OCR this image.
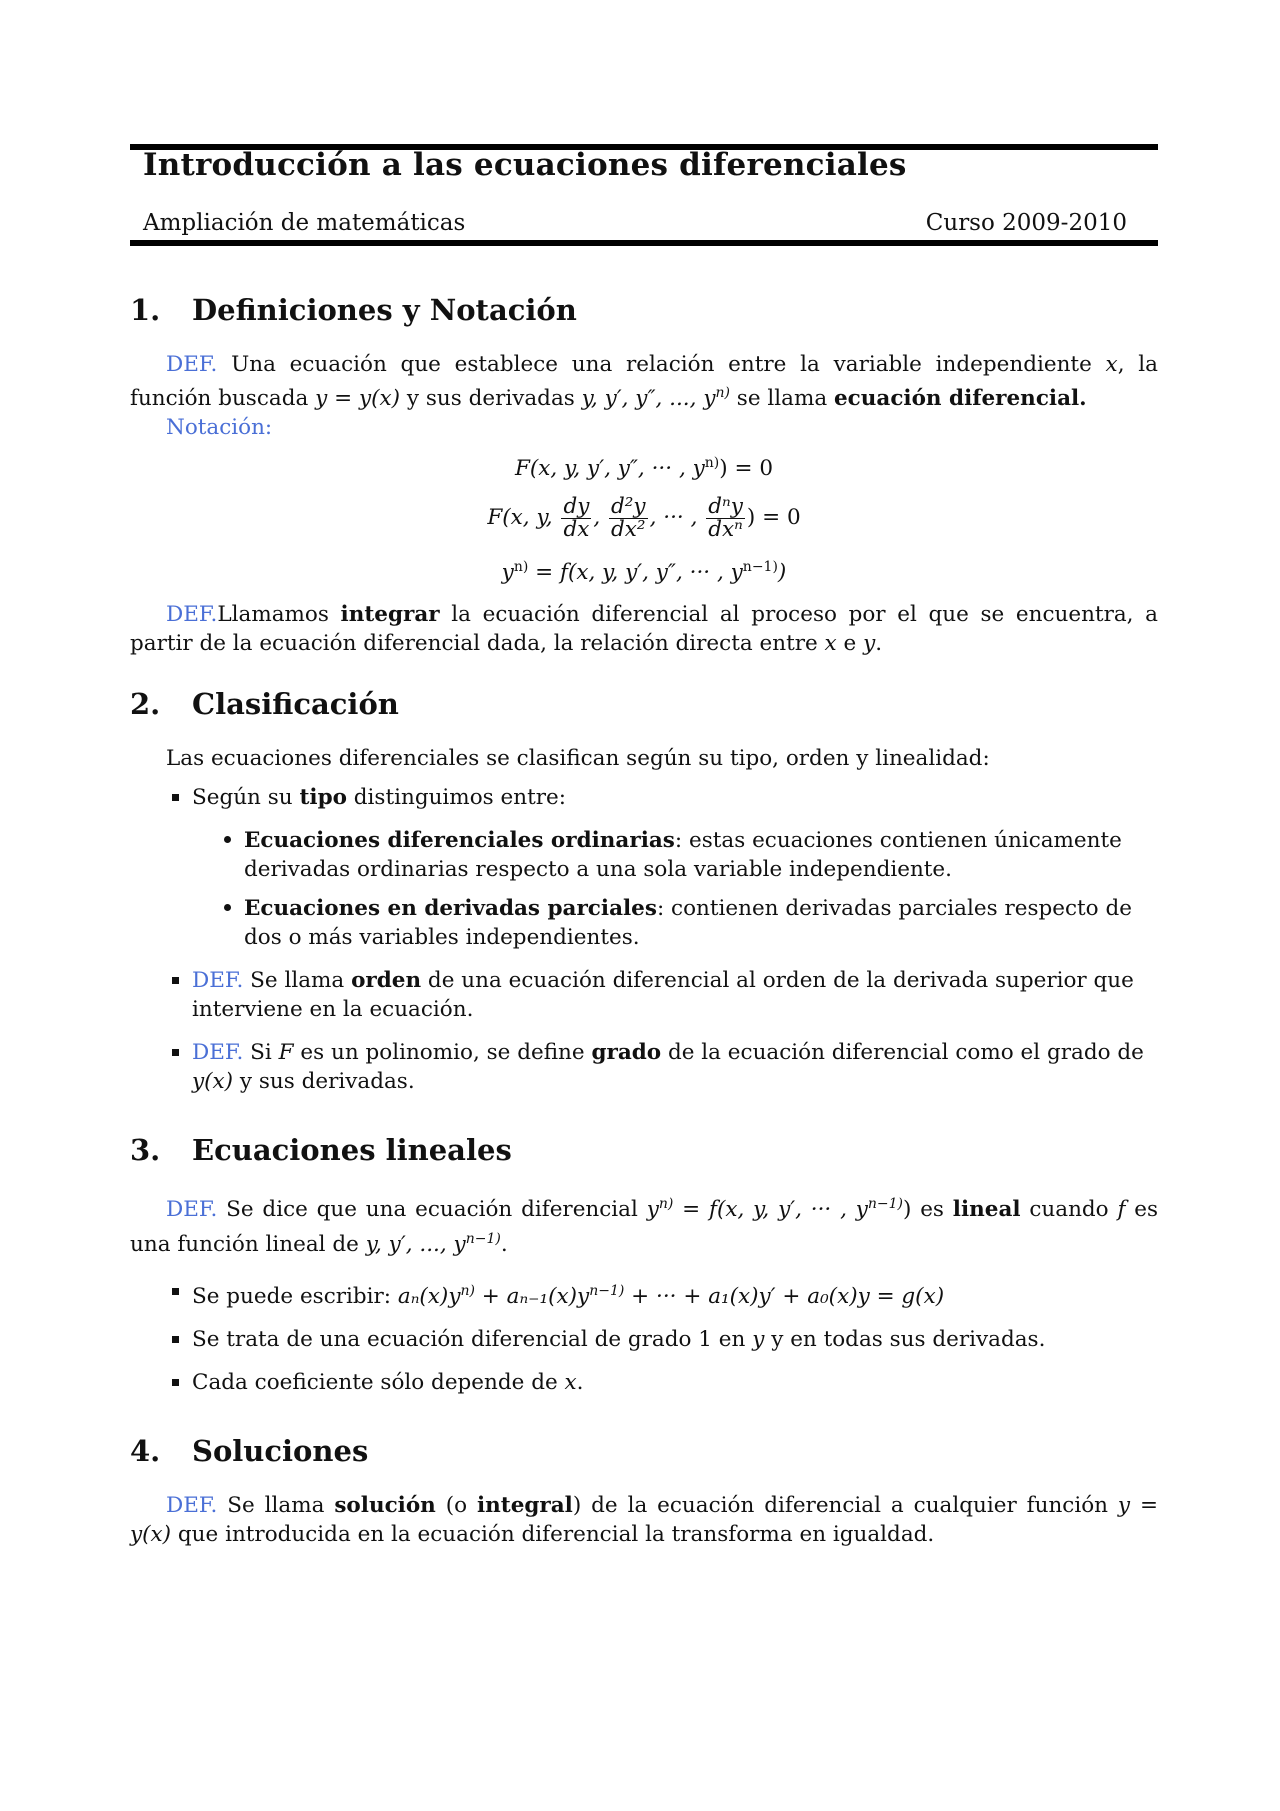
Introducción a las ecuaciones diferenciales
Ampliación de matemáticas	Curso 2009-2010
1.	Definiciones y Notación

DEF. Una ecuación que establece una relación entre la variable independiente x, la función buscada y = y(x) y sus derivadas y, y′, y″, ..., $y^{n)}$ se llama ecuación diferencial.

Notación:
F(x, y, y′, y″, ··· , $y^{n)}) = 0$
F(x, y, $\frac{dy}{dx}$ , $\frac{\text{d²y}}{\text{dx²}}$ , ··· , $\frac{\text{dⁿy}}{\text{dxⁿ}}$ ) = 0
$y^{n)} = f(x$, y, y′, y″, ··· , $y^{n-1)}$)

DEF.Llamamos integrar la ecuación diferencial al proceso por el que se encuentra, a partir de la ecuación diferencial dada, la relación directa entre x e y.

2.	Clasificación

Las ecuaciones diferenciales se clasifican según su tipo, orden y linealidad:

Según su tipo distinguimos entre:
Ecuaciones diferenciales ordinarias: estas ecuaciones contienen únicamente derivadas ordinarias respecto a una sola variable independiente.
Ecuaciones en derivadas parciales: contienen derivadas parciales respecto de dos o más variables independientes.
DEF. Se llama orden de una ecuación diferencial al orden de la derivada superior que interviene en la ecuación.
DEF. Si F es un polinomio, se define grado de la ecuación diferencial como el grado de y(x) y sus derivadas.
3.	Ecuaciones lineales

DEF. Se dice que una ecuación diferencial $y^{n)} = f(x$, y, y′, ··· , $y^{n-1)}$) es lineal cuando f es una función lineal de y, y′, ..., $y^{n-1)}$.

Se puede escribir: $a_n(x)y^{n)} + a_{n-1}(x)y^{n-1)}$ + ··· + a₁(x)y′ + a₀(x)y = g(x)
Se trata de una ecuación diferencial de grado 1 en y y en todas sus derivadas.
Cada coeficiente sólo depende de x.
4.	Soluciones

DEF. Se llama solución (o integral) de la ecuación diferencial a cualquier función y = y(x) que introducida en la ecuación diferencial la transforma en igualdad.
